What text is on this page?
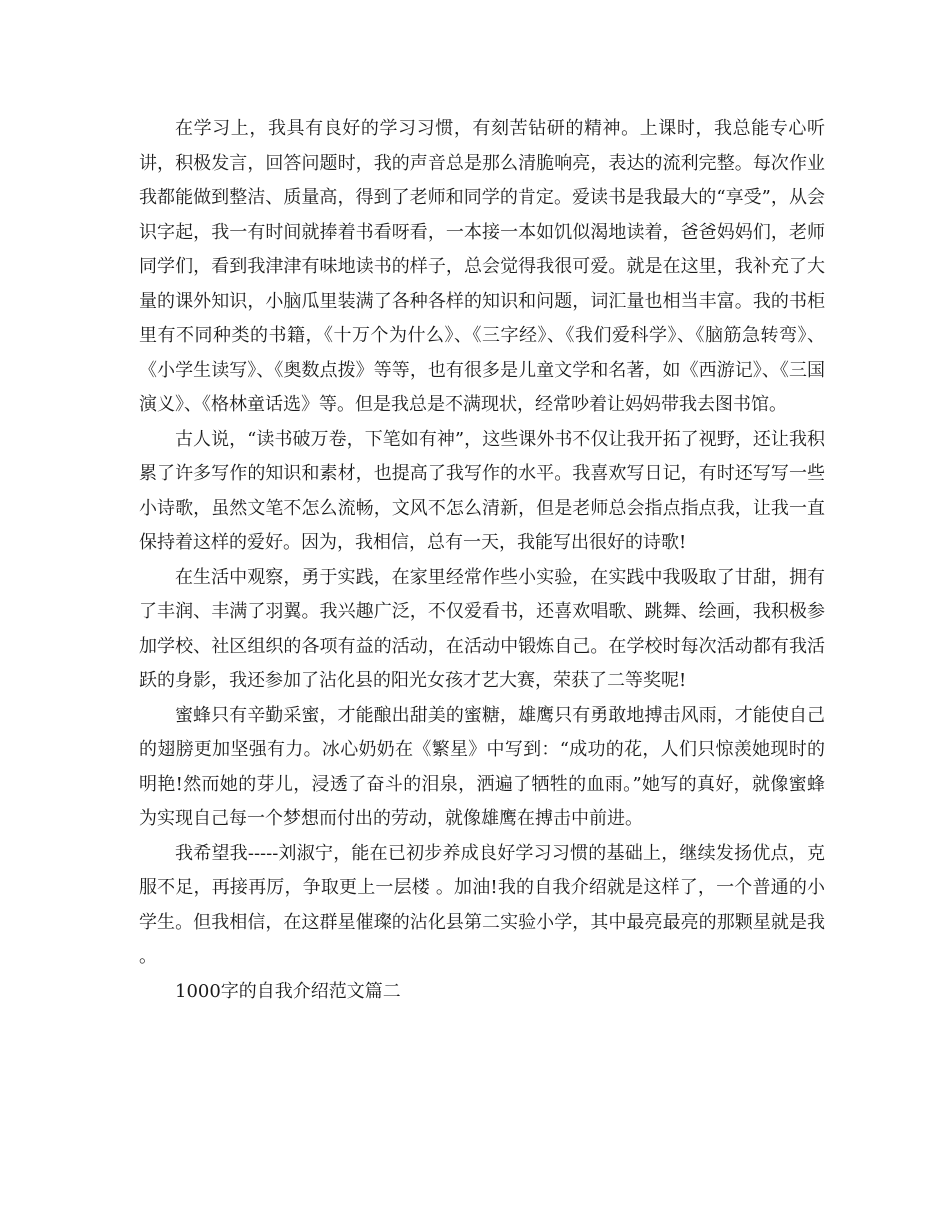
在学习上，我具有良好的学习习惯，有刻苦钻研的精神。上课时，我总能专心听讲，积极发言，回答问题时，我的声音总是那么清脆响亮，表达的流利完整。每次作业我都能做到整洁、质量高，得到了老师和同学的肯定。爱读书是我最大的“享受”，从会识字起，我一有时间就捧着书看呀看，一本接一本如饥似渴地读着，爸爸妈妈们，老师同学们，看到我津津有味地读书的样子，总会觉得我很可爱。就是在这里，我补充了大量的课外知识，小脑瓜里装满了各种各样的知识和问题，词汇量也相当丰富。我的书柜里有不同种类的书籍，《十万个为什么》、《三字经》、《我们爱科学》、《脑筋急转弯》、《小学生读写》、《奥数点拨》等等，也有很多是儿童文学和名著，如《西游记》、《三国演义》、《格林童话选》等。但是我总是不满现状，经常吵着让妈妈带我去图书馆。

古人说，“读书破万卷，下笔如有神”，这些课外书不仅让我开拓了视野，还让我积累了许多写作的知识和素材，也提高了我写作的水平。我喜欢写日记，有时还写写一些小诗歌，虽然文笔不怎么流畅，文风不怎么清新，但是老师总会指点指点我，让我一直保持着这样的爱好。因为，我相信，总有一天，我能写出很好的诗歌!

在生活中观察，勇于实践，在家里经常作些小实验，在实践中我吸取了甘甜，拥有了丰润、丰满了羽翼。我兴趣广泛，不仅爱看书，还喜欢唱歌、跳舞、绘画，我积极参加学校、社区组织的各项有益的活动，在活动中锻炼自己。在学校时每次活动都有我活跃的身影，我还参加了沾化县的阳光女孩才艺大赛，荣获了二等奖呢!

蜜蜂只有辛勤采蜜，才能酿出甜美的蜜糖，雄鹰只有勇敢地搏击风雨，才能使自己的翅膀更加坚强有力。冰心奶奶在《繁星》中写到：“成功的花，人们只惊羡她现时的明艳!然而她的芽儿，浸透了奋斗的泪泉，洒遍了牺牲的血雨。”她写的真好，就像蜜蜂为实现自己每一个梦想而付出的劳动，就像雄鹰在搏击中前进。

我希望我-----刘淑宁，能在已初步养成良好学习习惯的基础上，继续发扬优点，克服不足，再接再厉，争取更上一层楼 。加油!我的自我介绍就是这样了，一个普通的小学生。但我相信，在这群星催璨的沾化县第二实验小学，其中最亮最亮的那颗星就是我 。

1000字的自我介绍范文篇二
